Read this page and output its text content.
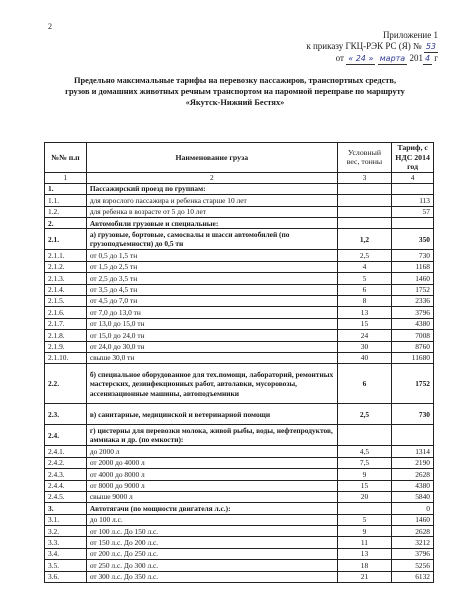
2
Приложение 1
к приказу ГКЦ-РЭК РС (Я) № 53
от « 24 » марта 201 4 г
Предельно максимальные тарифы на перевозку пассажиров, транспортных средств,
грузов и домашних животных речным транспортом на паромной переправе по маршруту
«Якутск-Нижний Бестях»
№№ п.п	Наименование груза	Условный вес, тонны	Тариф, с НДС 2014 год
1	2	3	4
1.	Пассажирский проезд по группам:		
1.1.	для взрослого пассажира и ребенка старше 10 лет		113
1.2.	для ребенка в возрасте от 5 до 10 лет		57
2.	Автомобили грузовые и специальные:		
2.1.	а) грузовые, бортовые, самосвалы и шасси автомобилей (по грузоподъемности) до 0,5 тн	1,2	350
2.1.1.	от 0,5 до 1,5 тн	2,5	730
2.1.2.	от 1,5 до 2,5 тн	4	1168
2.1.3.	от 2,5 до 3,5 тн	5	1460
2.1.4.	от 3,5 до 4,5 тн	6	1752
2.1.5.	от 4,5 до 7,0 тн	8	2336
2.1.6.	от 7,0 до 13,0 тн	13	3796
2.1.7.	от 13,0 до 15,0 тн	15	4380
2.1.8.	от 15,0 до 24,0 тн	24	7008
2.1.9.	от 24,0 до 30,0 тн	30	8760
2.1.10.	свыше 30,0 тн	40	11680
2.2.	б) специальное оборудованное для тех.помощи, лабораторий, ремонтных мастерских, дезинфекционных работ, автолавки, мусоровозы, ассенизационные машины, автоподъемники	6	1752
2.3.	в) санитарные, медицинской и ветеринарной помощи	2,5	730
2.4.	г) цистерны для перевозки молока, живой рыбы, воды, нефтепродуктов, аммиака и др. (по емкости):		
2.4.1.	до 2000 л	4,5	1314
2.4.2.	от 2000 до 4000 л	7,5	2190
2.4.3.	от 4000 до 8000 л	9	2628
2.4.4.	от 8000 до 9000 л	15	4380
2.4.5.	свыше 9000 л	20	5840
3.	Автотягачи (по мощности двигателя л.с.):		0
3.1.	до 100 л.с.	5	1460
3.2.	от 100 л.с. До 150 л.с.	9	2628
3.3.	от 150 л.с. До 200 л.с.	11	3212
3.4.	от 200 л.с. До 250 л.с.	13	3796
3.5.	от 250 л.с. До 300 л.с.	18	5256
3.6.	от 300 л.с. До 350 л.с.	21	6132
